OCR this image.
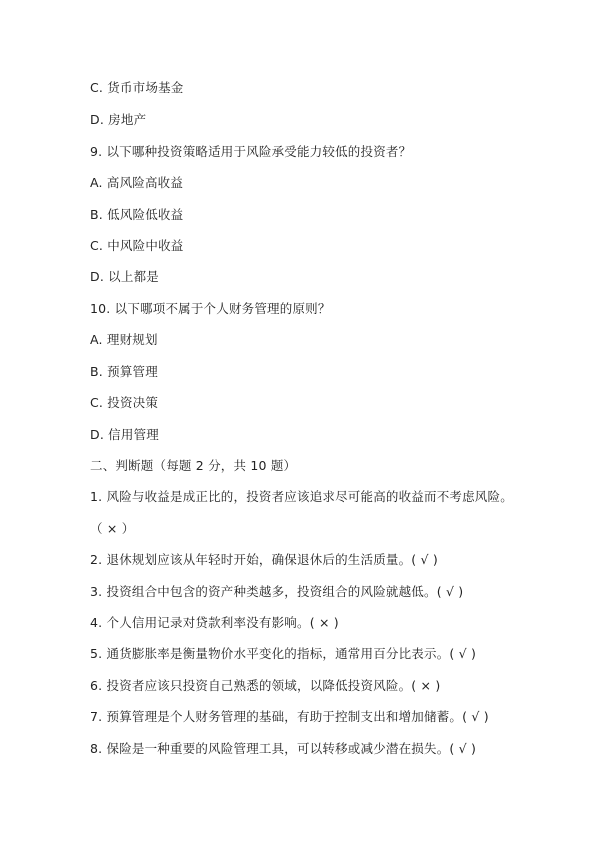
C. 货币市场基金
D. 房地产
9. 以下哪种投资策略适用于风险承受能力较低的投资者？
A. 高风险高收益
B. 低风险低收益
C. 中风险中收益
D. 以上都是
10. 以下哪项不属于个人财务管理的原则？
A. 理财规划
B. 预算管理
C. 投资决策
D. 信用管理
二、判断题（每题 2 分，共 10 题）
1. 风险与收益是成正比的，投资者应该追求尽可能高的收益而不考虑风险。
（ × ）
2. 退休规划应该从年轻时开始，确保退休后的生活质量。( √ )
3. 投资组合中包含的资产种类越多，投资组合的风险就越低。( √ )
4. 个人信用记录对贷款利率没有影响。( × )
5. 通货膨胀率是衡量物价水平变化的指标，通常用百分比表示。( √ )
6. 投资者应该只投资自己熟悉的领域，以降低投资风险。( × )
7. 预算管理是个人财务管理的基础，有助于控制支出和增加储蓄。( √ )
8. 保险是一种重要的风险管理工具，可以转移或减少潜在损失。( √ )
